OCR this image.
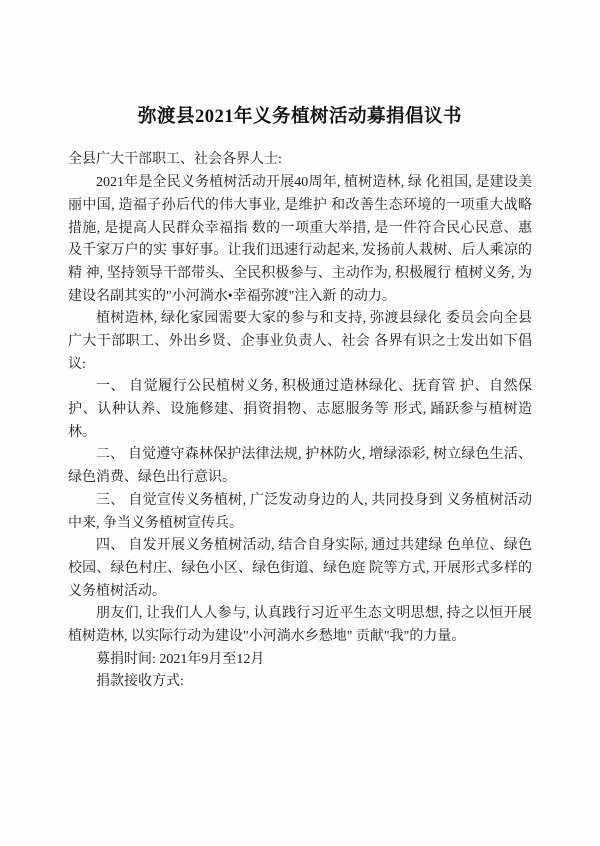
弥渡县2021年义务植树活动募捐倡议书

全县广大干部职工、社会各界人士:

2021年是全民义务植树活动开展40周年, 植树造林, 绿 化祖国, 是建设美丽中国, 造福子孙后代的伟大事业, 是维护 和改善生态环境的一项重大战略措施, 是提高人民群众幸福指 数的一项重大举措, 是一件符合民心民意、惠及千家万户的实 事好事。让我们迅速行动起来, 发扬前人栽树、后人乘凉的精 神, 坚持领导干部带头、全民积极参与、主动作为, 积极履行 植树义务, 为建设名副其实的"小河淌水•幸福弥渡"注入新 的动力。

植树造林, 绿化家园需要大家的参与和支持, 弥渡县绿化 委员会向全县广大干部职工、外出乡贤、企事业负责人、社会 各界有识之士发出如下倡议:

一、 自觉履行公民植树义务, 积极通过造林绿化、抚育管 护、自然保护、认种认养、设施修建、捐资捐物、志愿服务等 形式, 踊跃参与植树造林。

二、 自觉遵守森林保护法律法规, 护林防火, 增绿添彩, 树立绿色生活、绿色消费、绿色出行意识。

三、 自觉宣传义务植树, 广泛发动身边的人, 共同投身到 义务植树活动中来, 争当义务植树宣传兵。

四、 自发开展义务植树活动, 结合自身实际, 通过共建绿 色单位、绿色校园、绿色村庄、绿色小区、绿色街道、绿色庭 院等方式, 开展形式多样的义务植树活动。

朋友们, 让我们人人参与, 认真践行习近平生态文明思想, 持之以恒开展植树造林, 以实际行动为建设"小河淌水乡愁地" 贡献"我"的力量。

募捐时间: 2021年9月至12月

捐款接收方式:
